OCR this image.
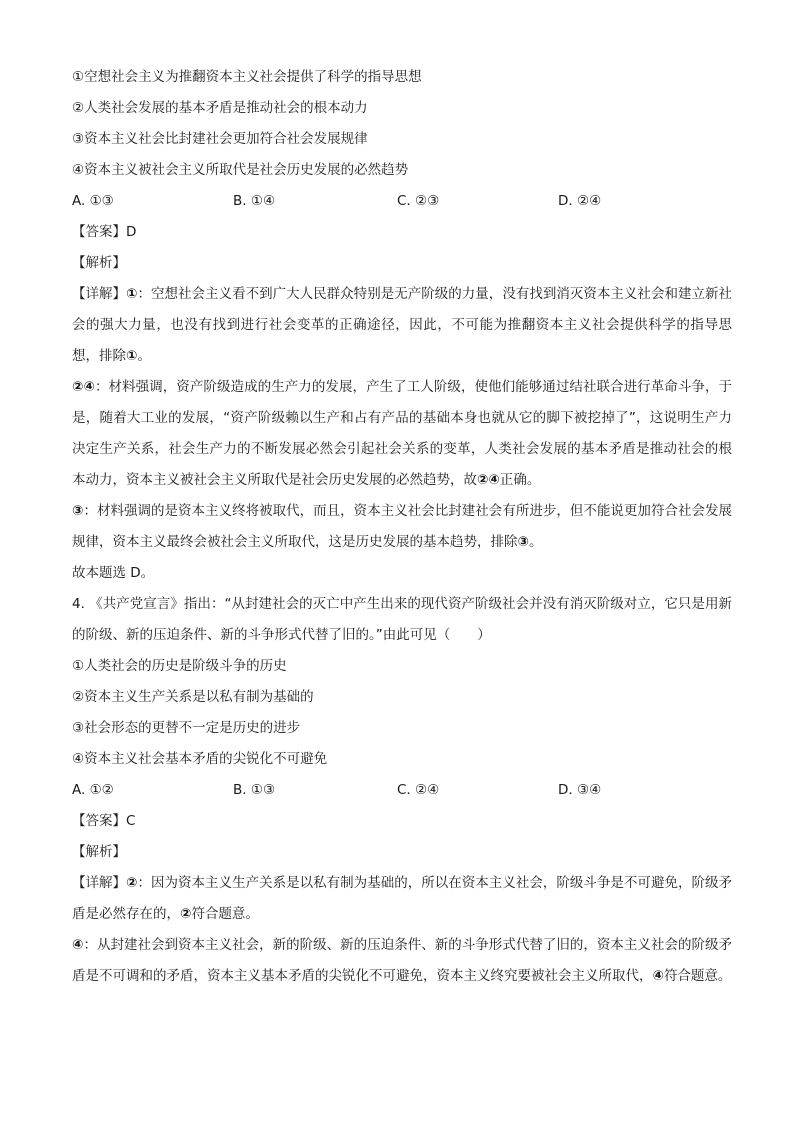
①空想社会主义为推翻资本主义社会提供了科学的指导思想
②人类社会发展的基本矛盾是推动社会的根本动力
③资本主义社会比封建社会更加符合社会发展规律
④资本主义被社会主义所取代是社会历史发展的必然趋势
A. ①③	B. ①④	C. ②③	D. ②④
【答案】D
【解析】
【详解】①：空想社会主义看不到广大人民群众特别是无产阶级的力量，没有找到消灭资本主义社会和建立新社会的强大力量，也没有找到进行社会变革的正确途径，因此，不可能为推翻资本主义社会提供科学的指导思想，排除①。
②④：材料强调，资产阶级造成的生产力的发展，产生了工人阶级，使他们能够通过结社联合进行革命斗争，于是，随着大工业的发展，“资产阶级赖以生产和占有产品的基础本身也就从它的脚下被挖掉了”，这说明生产力决定生产关系，社会生产力的不断发展必然会引起社会关系的变革，人类社会发展的基本矛盾是推动社会的根本动力，资本主义被社会主义所取代是社会历史发展的必然趋势，故②④正确。
③：材料强调的是资本主义终将被取代，而且，资本主义社会比封建社会有所进步，但不能说更加符合社会发展规律，资本主义最终会被社会主义所取代，这是历史发展的基本趋势，排除③。
故本题选 D。
4. 《共产党宣言》指出：“从封建社会的灭亡中产生出来的现代资产阶级社会并没有消灭阶级对立，它只是用新的阶级、新的压迫条件、新的斗争形式代替了旧的。”由此可见（　　）
①人类社会的历史是阶级斗争的历史
②资本主义生产关系是以私有制为基础的
③社会形态的更替不一定是历史的进步
④资本主义社会基本矛盾的尖锐化不可避免
A. ①②	B. ①③	C. ②④	D. ③④
【答案】C
【解析】
【详解】②：因为资本主义生产关系是以私有制为基础的，所以在资本主义社会，阶级斗争是不可避免，阶级矛盾是必然存在的，②符合题意。
④：从封建社会到资本主义社会，新的阶级、新的压迫条件、新的斗争形式代替了旧的，资本主义社会的阶级矛盾是不可调和的矛盾，资本主义基本矛盾的尖锐化不可避免，资本主义终究要被社会主义所取代，④符合题意。
